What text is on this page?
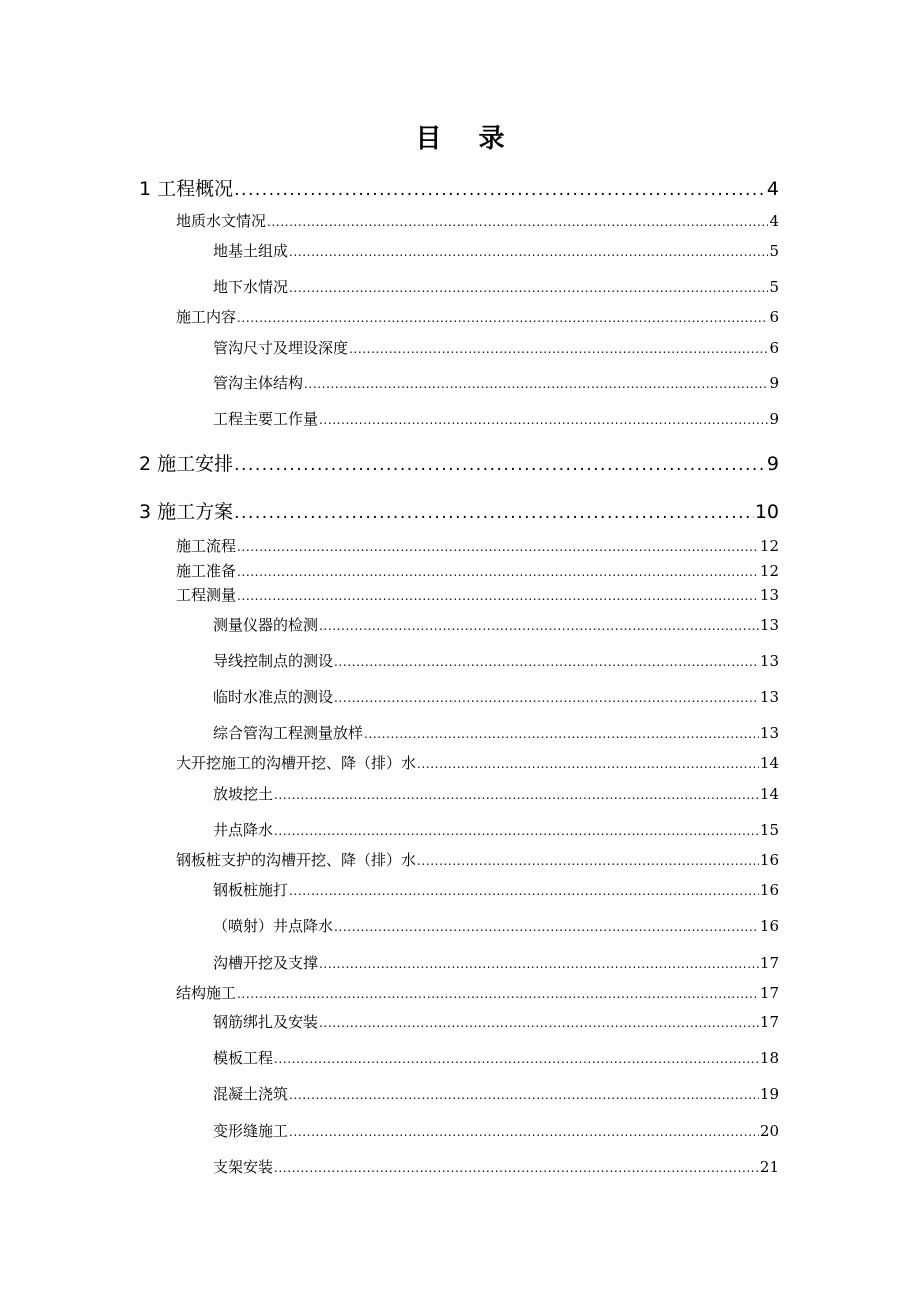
目 录
1 工程概况 .....	4
地质水文情况 .....	4
地基土组成 .....	5
地下水情况 .....	5
施工内容 .....	6
管沟尺寸及埋设深度 .....	6
管沟主体结构 .....	9
工程主要工作量 .....	9
2 施工安排 .....	9
3 施工方案 .....	10
施工流程 .....	12
施工准备 .....	12
工程测量 .....	13
测量仪器的检测 .....	13
导线控制点的测设 .....	13
临时水准点的测设 .....	13
综合管沟工程测量放样 .....	13
大开挖施工的沟槽开挖、降（排）水 .....	14
放坡挖土 .....	14
井点降水 .....	15
钢板桩支护的沟槽开挖、降（排）水 .....	16
钢板桩施打 .....	16
（喷射）井点降水 .....	16
沟槽开挖及支撑 .....	17
结构施工 .....	17
钢筋绑扎及安装 .....	17
模板工程 .....	18
混凝土浇筑 .....	19
变形缝施工 .....	20
支架安装 .....	21
